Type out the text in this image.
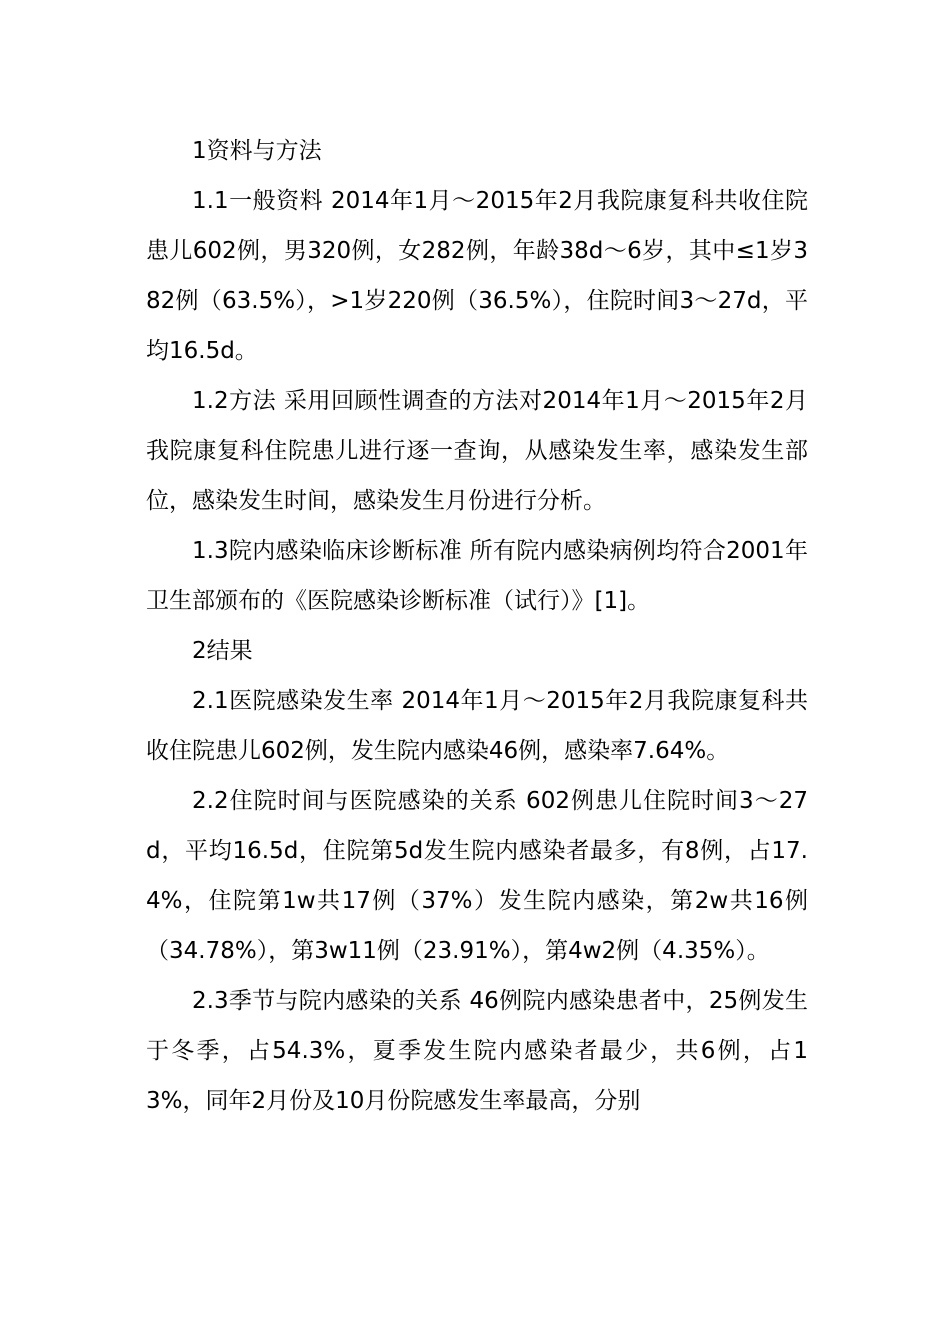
1资料与方法

1.1一般资料 2014年1月～2015年2月我院康复科共收住院患儿602例，男320例，女282例，年龄38d～6岁，其中≤1岁382例（63.5%），>1岁220例（36.5%），住院时间3～27d，平均16.5d。

1.2方法 采用回顾性调查的方法对2014年1月～2015年2月我院康复科住院患儿进行逐一查询，从感染发生率，感染发生部位，感染发生时间，感染发生月份进行分析。

1.3院内感染临床诊断标准 所有院内感染病例均符合2001年卫生部颁布的《医院感染诊断标准（试行）》[1]。

2结果

2.1医院感染发生率 2014年1月～2015年2月我院康复科共收住院患儿602例，发生院内感染46例，感染率7.64%。

2.2住院时间与医院感染的关系 602例患儿住院时间3～27d，平均16.5d，住院第5d发生院内感染者最多，有8例，占17.4%，住院第1w共17例（37%）发生院内感染，第2w共16例（34.78%），第3w11例（23.91%），第4w2例（4.35%）。

2.3季节与院内感染的关系 46例院内感染患者中，25例发生于冬季，占54.3%，夏季发生院内感染者最少，共6例，占13%，同年2月份及10月份院感发生率最高，分别
